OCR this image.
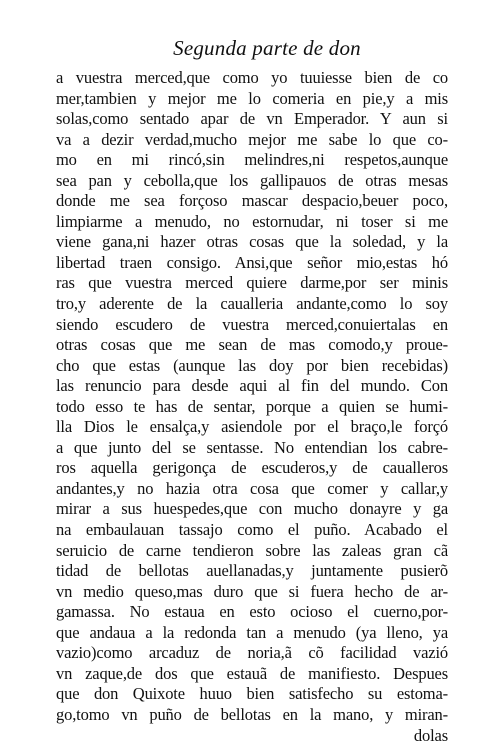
Segunda parte de don
a vuestra merced,que como yo tuuiesse bien de co
mer,tambien y mejor me lo comeria en pie,y a mis
solas,como sentado apar de vn Emperador. Y aun si
va a dezir verdad,mucho mejor me sabe lo que co-
mo en mi rincó,sin melindres,ni respetos,aunque
sea pan y cebolla,que los gallipauos de otras mesas
donde me sea forçoso mascar despacio,beuer poco,
limpiarme a menudo, no estornudar, ni toser si me
viene gana,ni hazer otras cosas que la soledad, y la
libertad traen consigo. Ansi,que señor mio,estas hó
ras que vuestra merced quiere darme,por ser minis
tro,y aderente de la caualleria andante,como lo soy
siendo escudero de vuestra merced,conuiertalas en
otras cosas que me sean de mas comodo,y proue-
cho que estas (aunque las doy por bien recebidas)
las renuncio para desde aqui al fin del mundo. Con
todo esso te has de sentar, porque a quien se humi-
lla Dios le ensalça,y asiendole por el braço,le forçó
a que junto del se sentasse. No entendian los cabre-
ros aquella gerigonça de escuderos,y de caualleros
andantes,y no hazia otra cosa que comer y callar,y
mirar a sus huespedes,que con mucho donayre y ga
na embaulauan tassajo como el puño. Acabado el
seruicio de carne tendieron sobre las zaleas gran cã
tidad de bellotas auellanadas,y juntamente pusierõ
vn medio queso,mas duro que si fuera hecho de ar-
gamassa. No estaua en esto ocioso el cuerno,por-
que andaua a la redonda tan a menudo (ya lleno, ya
vazio)como arcaduz de noria,ã cõ facilidad vazió
vn zaque,de dos que estauã de manifiesto. Despues
que don Quixote huuo bien satisfecho su estoma-
go,tomo vn puño de bellotas en la mano, y miran-
dolas
